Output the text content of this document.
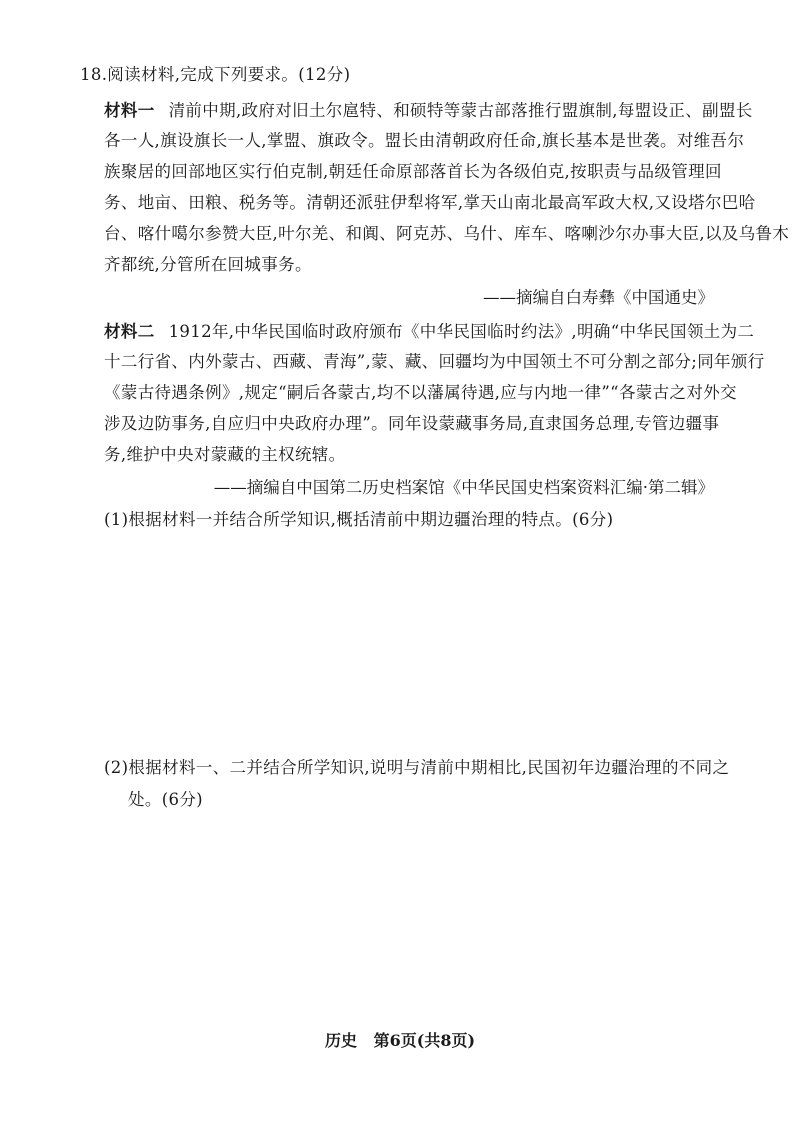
18.阅读材料,完成下列要求。(12分)
材料一 清前中期,政府对旧土尔扈特、和硕特等蒙古部落推行盟旗制,每盟设正、副盟长
各一人,旗设旗长一人,掌盟、旗政令。盟长由清朝政府任命,旗长基本是世袭。对维吾尔
族聚居的回部地区实行伯克制,朝廷任命原部落首长为各级伯克,按职责与品级管理回
务、地亩、田粮、税务等。清朝还派驻伊犁将军,掌天山南北最高军政大权,又设塔尔巴哈
台、喀什噶尔参赞大臣,叶尔羌、和阗、阿克苏、乌什、库车、喀喇沙尔办事大臣,以及乌鲁木
齐都统,分管所在回城事务。
——摘编自白寿彝《中国通史》
材料二 1912年,中华民国临时政府颁布《中华民国临时约法》,明确“中华民国领土为二
十二行省、内外蒙古、西藏、青海”,蒙、藏、回疆均为中国领土不可分割之部分;同年颁行
《蒙古待遇条例》,规定“嗣后各蒙古,均不以藩属待遇,应与内地一律”“各蒙古之对外交
涉及边防事务,自应归中央政府办理”。同年设蒙藏事务局,直隶国务总理,专管边疆事
务,维护中央对蒙藏的主权统辖。
——摘编自中国第二历史档案馆《中华民国史档案资料汇编·第二辑》
(1)根据材料一并结合所学知识,概括清前中期边疆治理的特点。(6分)
(2)根据材料一、二并结合所学知识,说明与清前中期相比,民国初年边疆治理的不同之
处。(6分)
历史   第6页(共8页)
